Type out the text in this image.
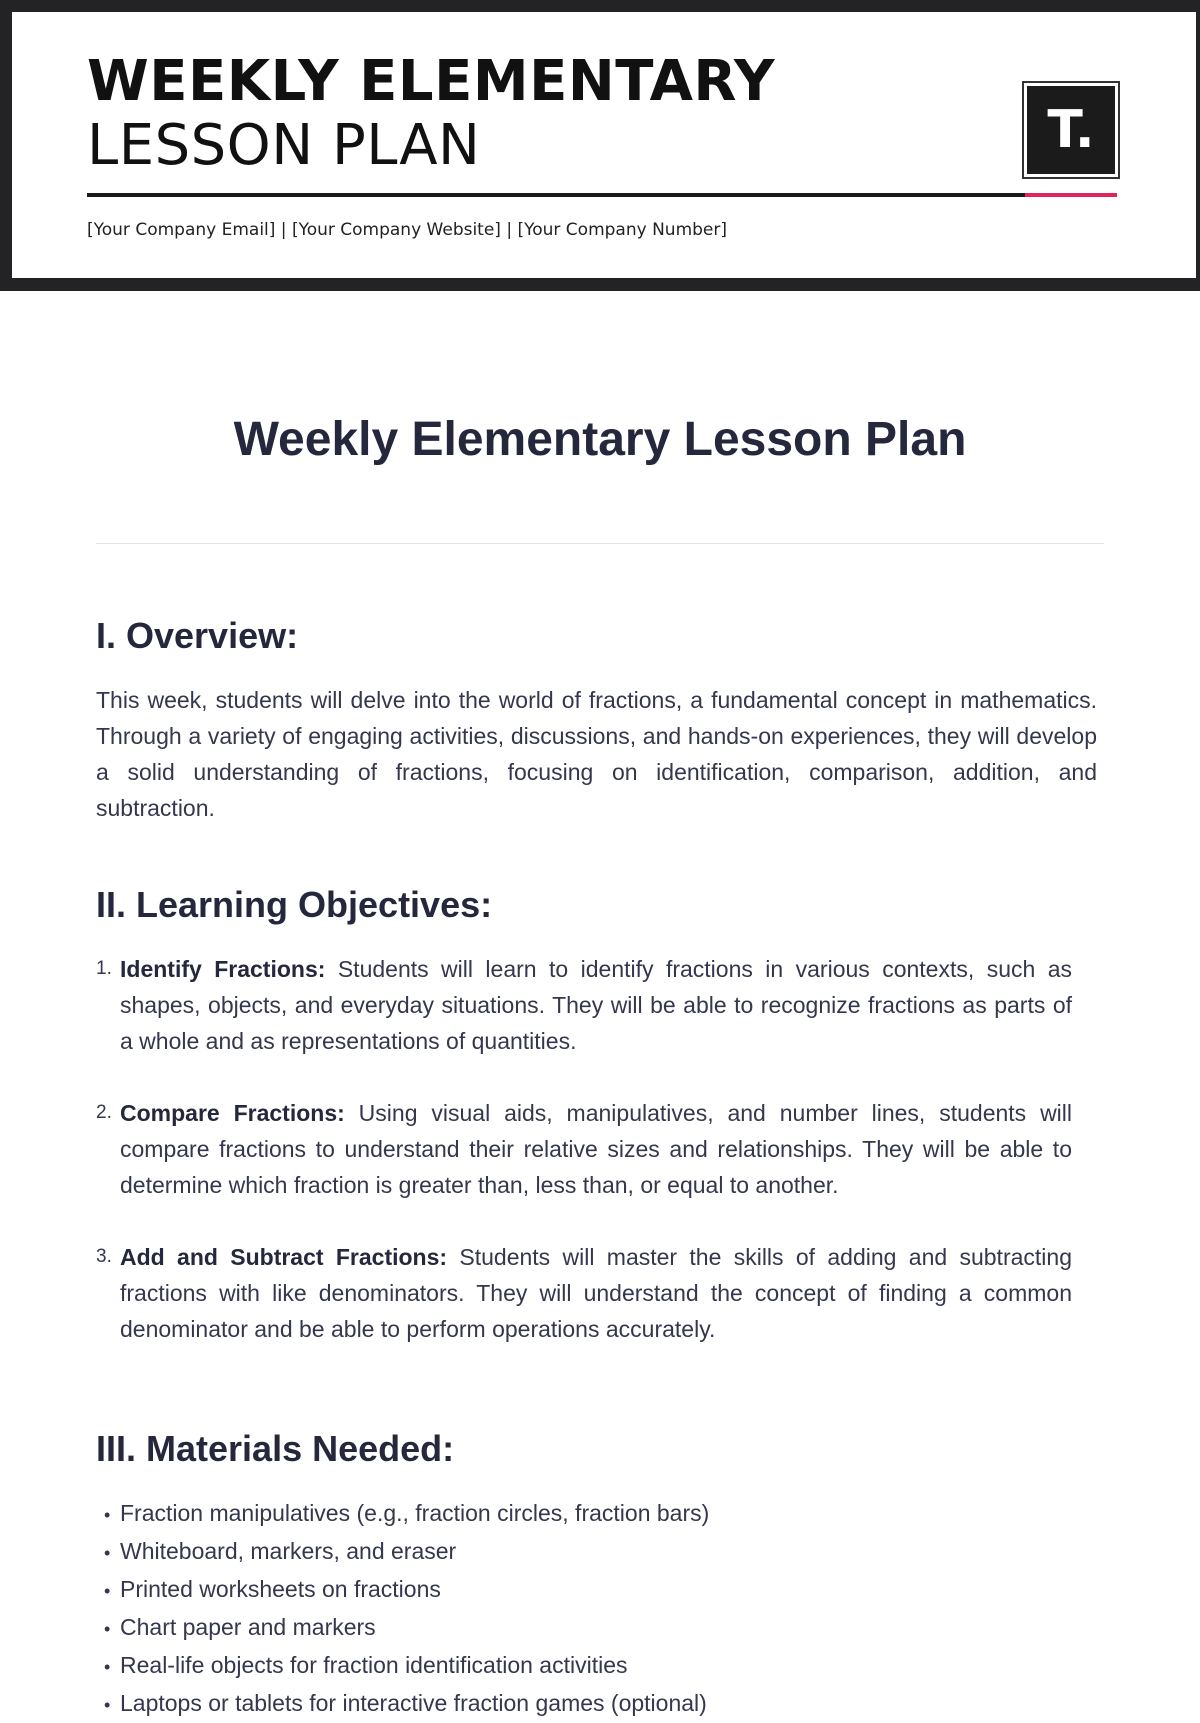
WEEKLY ELEMENTARY
LESSON PLAN
[Your Company Email] | [Your Company Website] | [Your Company Number]
T.
Weekly Elementary Lesson Plan
I. Overview:

This week, students will delve into the world of fractions, a fundamental concept in mathematics. Through a variety of engaging activities, discussions, and hands-on experiences, they will develop a solid understanding of fractions, focusing on identification, comparison, addition, and subtraction.

II. Learning Objectives:
1. Identify Fractions: Students will learn to identify fractions in various contexts, such as shapes, objects, and everyday situations. They will be able to recognize fractions as parts of a whole and as representations of quantities.

2. Compare Fractions: Using visual aids, manipulatives, and number lines, students will compare fractions to understand their relative sizes and relationships. They will be able to determine which fraction is greater than, less than, or equal to another.

3. Add and Subtract Fractions: Students will master the skills of adding and subtracting fractions with like denominators. They will understand the concept of finding a common denominator and be able to perform operations accurately.

III. Materials Needed:
• Fraction manipulatives (e.g., fraction circles, fraction bars)
• Whiteboard, markers, and eraser
• Printed worksheets on fractions
• Chart paper and markers
• Real-life objects for fraction identification activities
• Laptops or tablets for interactive fraction games (optional)
